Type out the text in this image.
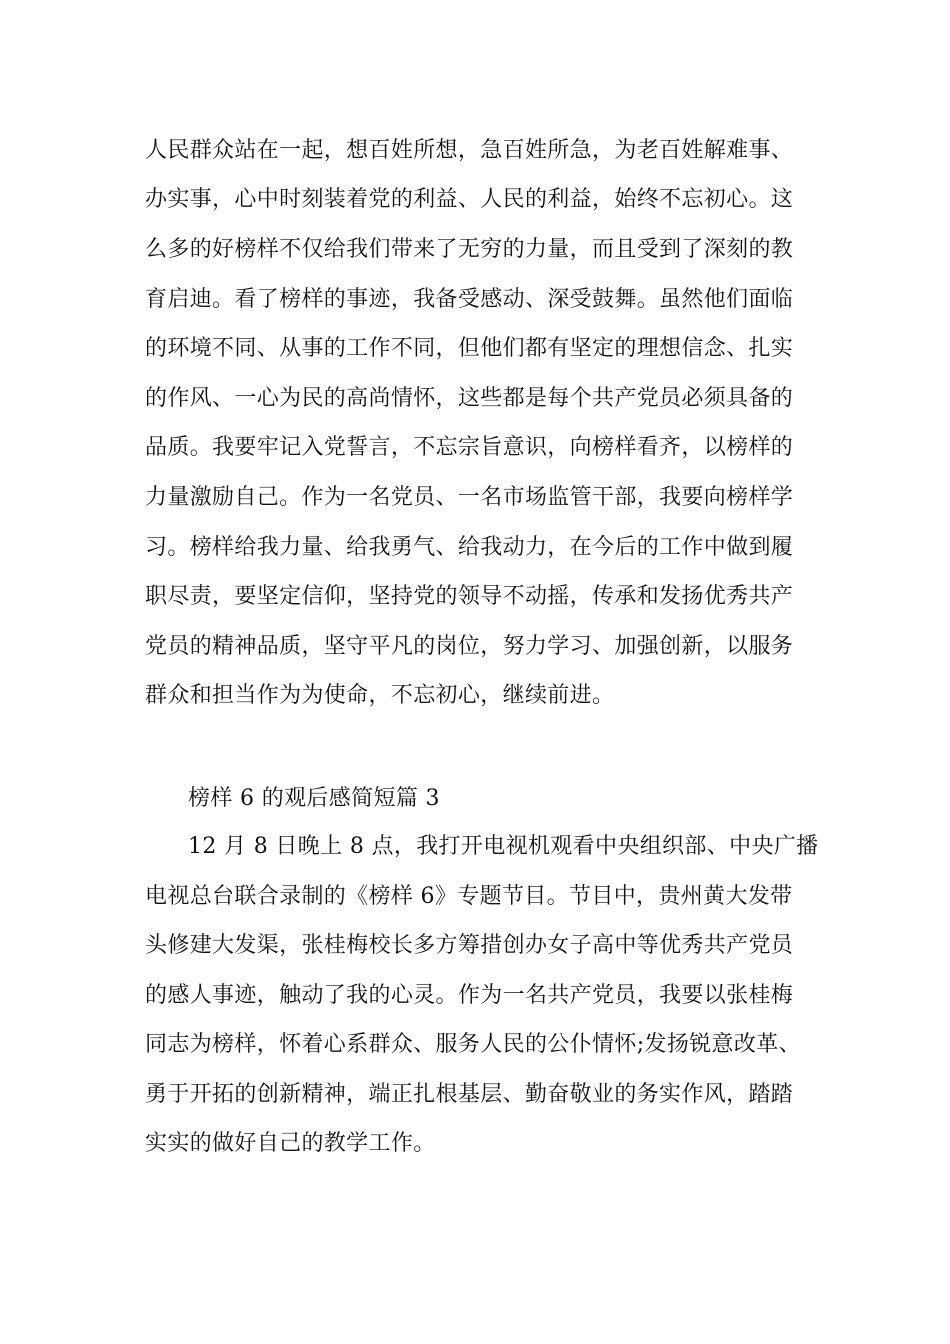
人民群众站在一起，想百姓所想，急百姓所急，为老百姓解难事、
办实事，心中时刻装着党的利益、人民的利益，始终不忘初心。这
么多的好榜样不仅给我们带来了无穷的力量，而且受到了深刻的教
育启迪。看了榜样的事迹，我备受感动、深受鼓舞。虽然他们面临
的环境不同、从事的工作不同，但他们都有坚定的理想信念、扎实
的作风、一心为民的高尚情怀，这些都是每个共产党员必须具备的
品质。我要牢记入党誓言，不忘宗旨意识，向榜样看齐，以榜样的
力量激励自己。作为一名党员、一名市场监管干部，我要向榜样学
习。榜样给我力量、给我勇气、给我动力，在今后的工作中做到履
职尽责，要坚定信仰，坚持党的领导不动摇，传承和发扬优秀共产
党员的精神品质，坚守平凡的岗位，努力学习、加强创新，以服务
群众和担当作为为使命，不忘初心，继续前进。
榜样 6 的观后感简短篇 3
12 月 8 日晚上 8 点，我打开电视机观看中央组织部、中央广播
电视总台联合录制的《榜样 6》专题节目。节目中，贵州黄大发带
头修建大发渠，张桂梅校长多方筹措创办女子高中等优秀共产党员
的感人事迹，触动了我的心灵。作为一名共产党员，我要以张桂梅
同志为榜样，怀着心系群众、服务人民的公仆情怀;发扬锐意改革、
勇于开拓的创新精神，端正扎根基层、勤奋敬业的务实作风，踏踏
实实的做好自己的教学工作。
